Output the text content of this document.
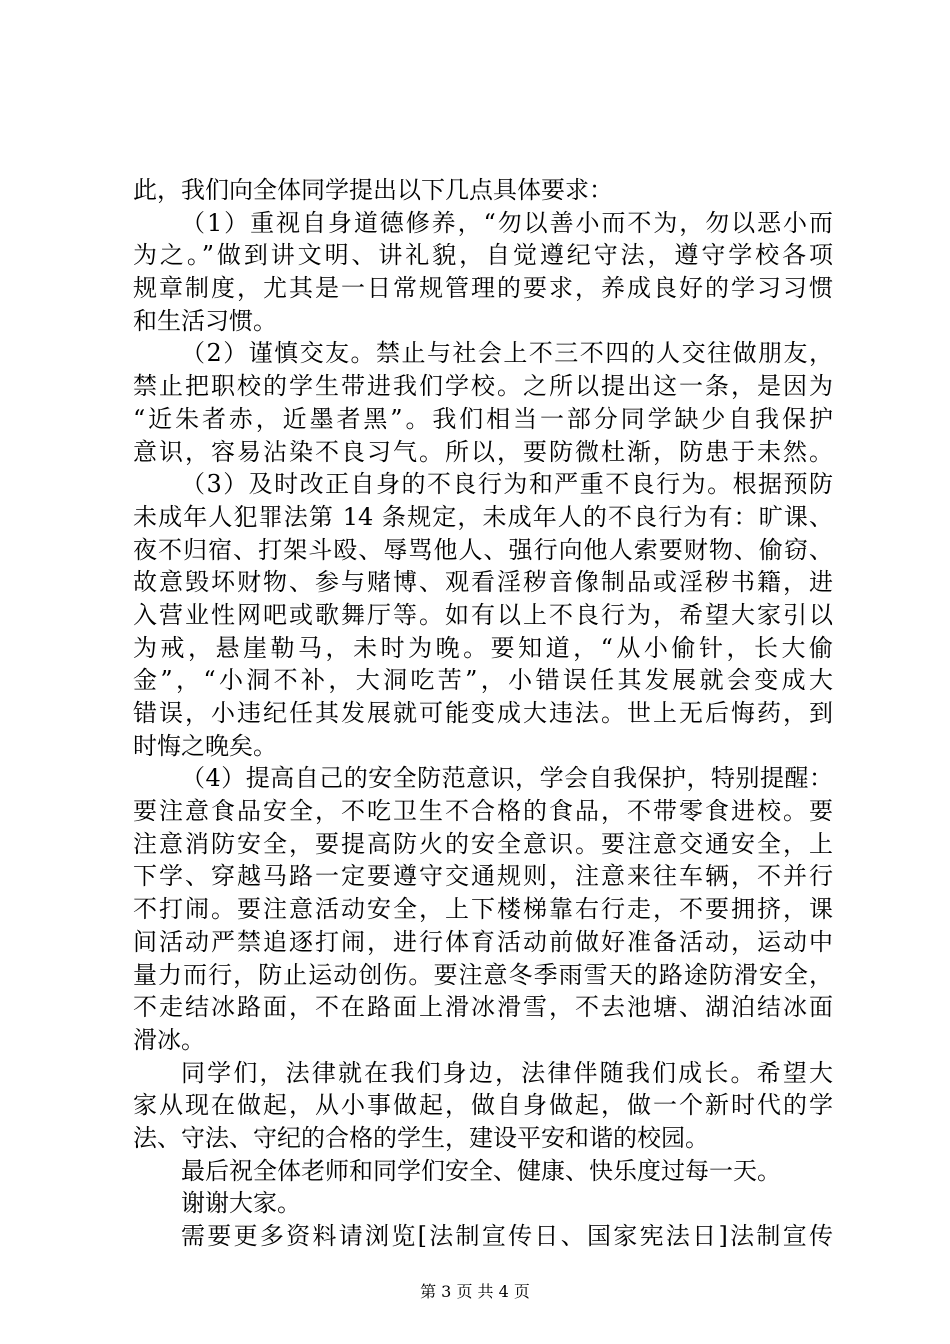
此，我们向全体同学提出以下几点具体要求：
（1）重视自身道德修养，“勿以善小而不为，勿以恶小而
为之。”做到讲文明、讲礼貌，自觉遵纪守法，遵守学校各项
规章制度，尤其是一日常规管理的要求，养成良好的学习习惯
和生活习惯。
（2）谨慎交友。禁止与社会上不三不四的人交往做朋友，
禁止把职校的学生带进我们学校。之所以提出这一条，是因为
“近朱者赤，近墨者黑”。我们相当一部分同学缺少自我保护
意识，容易沾染不良习气。所以，要防微杜渐，防患于未然。
（3）及时改正自身的不良行为和严重不良行为。根据预防
未成年人犯罪法第 14 条规定，未成年人的不良行为有：旷课、
夜不归宿、打架斗殴、辱骂他人、强行向他人索要财物、偷窃、
故意毁坏财物、参与赌博、观看淫秽音像制品或淫秽书籍，进
入营业性网吧或歌舞厅等。如有以上不良行为，希望大家引以
为戒，悬崖勒马，未时为晚。要知道，“从小偷针，长大偷
金”，“小洞不补，大洞吃苦”，小错误任其发展就会变成大
错误，小违纪任其发展就可能变成大违法。世上无后悔药，到
时悔之晚矣。
（4）提高自己的安全防范意识，学会自我保护，特别提醒：
要注意食品安全，不吃卫生不合格的食品，不带零食进校。要
注意消防安全，要提高防火的安全意识。要注意交通安全，上
下学、穿越马路一定要遵守交通规则，注意来往车辆，不并行
不打闹。要注意活动安全，上下楼梯靠右行走，不要拥挤，课
间活动严禁追逐打闹，进行体育活动前做好准备活动，运动中
量力而行，防止运动创伤。要注意冬季雨雪天的路途防滑安全，
不走结冰路面，不在路面上滑冰滑雪，不去池塘、湖泊结冰面
滑冰。
同学们，法律就在我们身边，法律伴随我们成长。希望大
家从现在做起，从小事做起，做自身做起，做一个新时代的学
法、守法、守纪的合格的学生，建设平安和谐的校园。
最后祝全体老师和同学们安全、健康、快乐度过每一天。
谢谢大家。
需要更多资料请浏览[法制宣传日、国家宪法日]法制宣传
第 3 页 共 4 页
